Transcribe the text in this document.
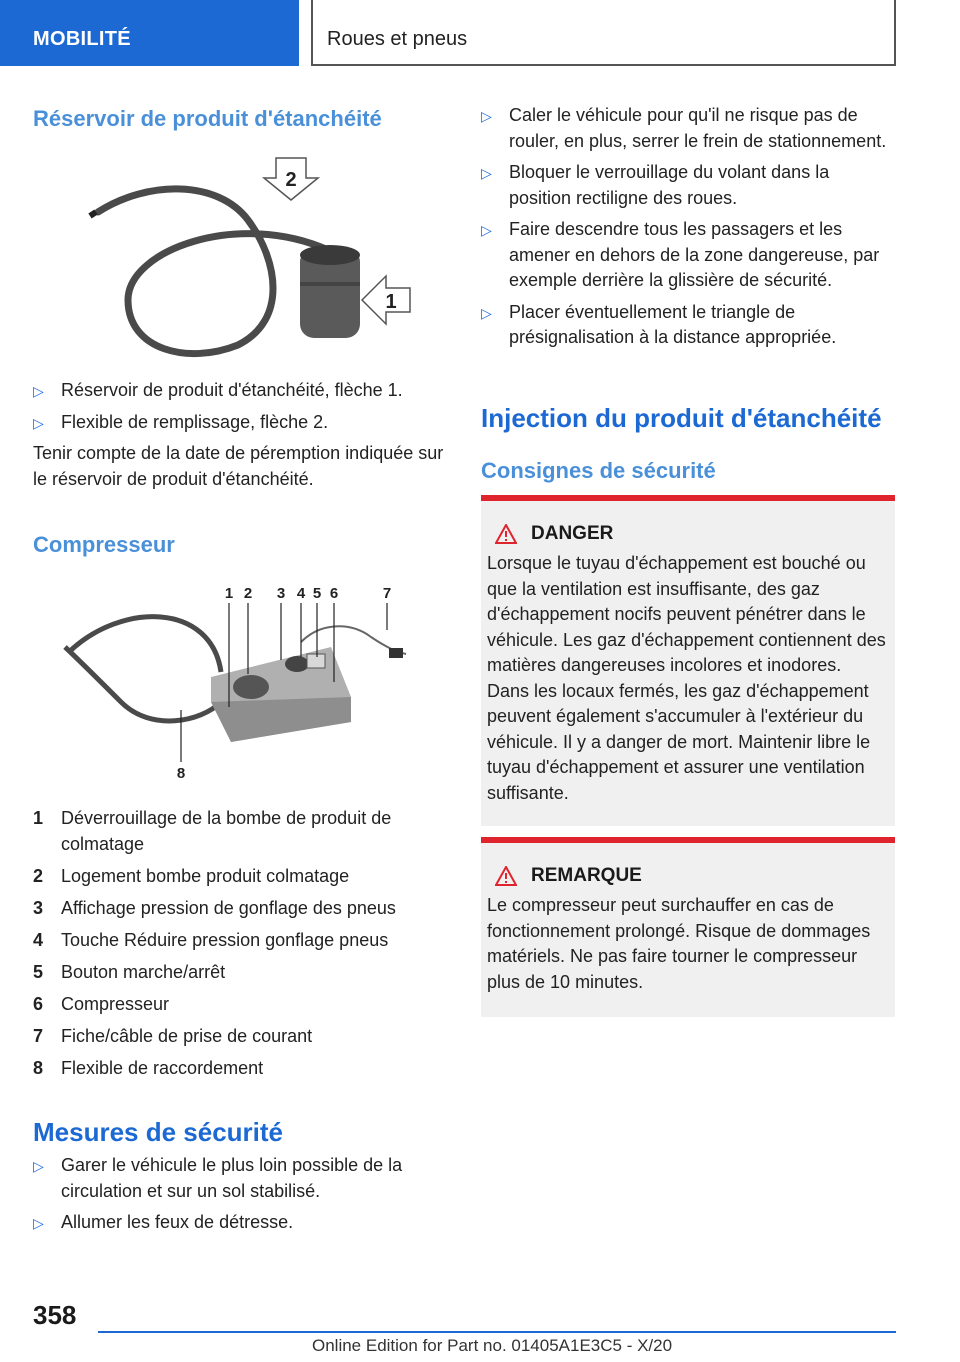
MOBILITÉ	Roues et pneus
Réservoir de produit d'étanchéité
2
1
▷ Réservoir de produit d'étanchéité, flèche 1.
▷ Flexible de remplissage, flèche 2.
Tenir compte de la date de péremption indiquée sur le réservoir de produit d'étanchéité.
Compresseur
1 2 3 4 5 6	7
8
1 Déverrouillage de la bombe de produit de colmatage
2 Logement bombe produit colmatage
3 Affichage pression de gonflage des pneus
4 Touche Réduire pression gonflage pneus
5 Bouton marche/arrêt
6 Compresseur
7 Fiche/câble de prise de courant
8 Flexible de raccordement
Mesures de sécurité
▷ Garer le véhicule le plus loin possible de la circulation et sur un sol stabilisé.
▷ Allumer les feux de détresse.
▷ Caler le véhicule pour qu'il ne risque pas de rouler, en plus, serrer le frein de stationnement.
▷ Bloquer le verrouillage du volant dans la position rectiligne des roues.
▷ Faire descendre tous les passagers et les amener en dehors de la zone dangereuse, par exemple derrière la glissière de sécurité.
▷ Placer éventuellement le triangle de présignalisation à la distance appropriée.
Injection du produit d'étanchéité
Consignes de sécurité
DANGER
Lorsque le tuyau d'échappement est bouché ou que la ventilation est insuffisante, des gaz d'échappement nocifs peuvent pénétrer dans le véhicule. Les gaz d'échappement contiennent des matières dangereuses incolores et inodores. Dans les locaux fermés, les gaz d'échappement peuvent également s'accumuler à l'extérieur du véhicule. Il y a danger de mort. Maintenir libre le tuyau d'échappement et assurer une ventilation suffisante.
REMARQUE
Le compresseur peut surchauffer en cas de fonctionnement prolongé. Risque de dommages matériels. Ne pas faire tourner le compresseur plus de 10 minutes.
358
Online Edition for Part no. 01405A1E3C5 - X/20
